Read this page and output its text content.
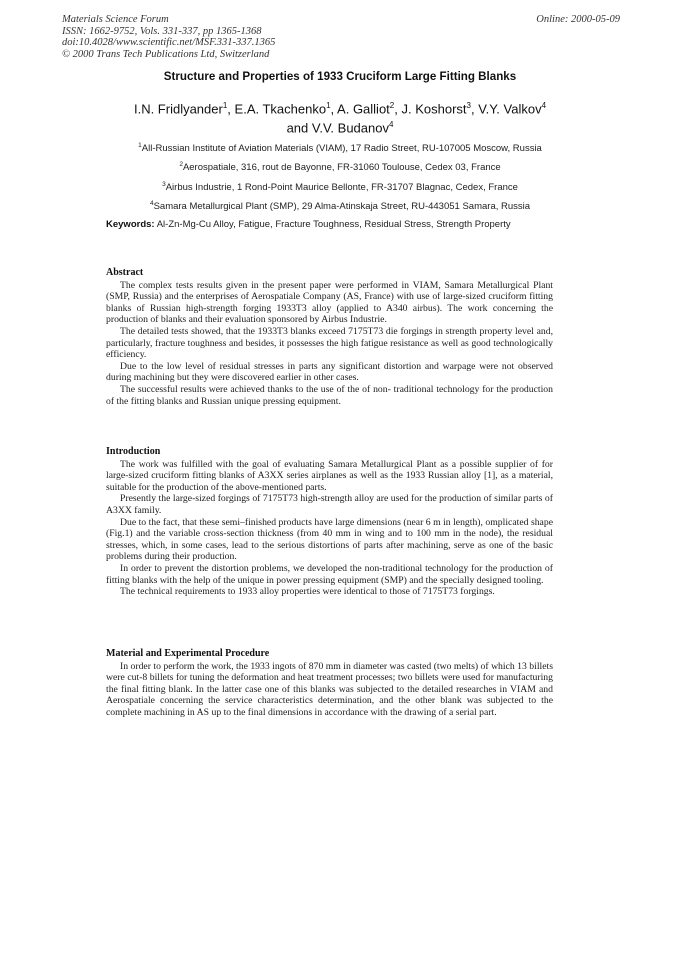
Materials Science Forum
ISSN: 1662-9752, Vols. 331-337, pp 1365-1368
doi:10.4028/www.scientific.net/MSF.331-337.1365
© 2000 Trans Tech Publications Ltd, Switzerland
Online: 2000-05-09
Structure and Properties of 1933 Cruciform Large Fitting Blanks
I.N. Fridlyander$^1$, E.A. Tkachenko$^1$, A. Galliot$^2$, J. Koshorst$^3$, V.Y. Valkov$^4$
and V.V. Budanov$^4$
$^1$All-Russian Institute of Aviation Materials (VIAM), 17 Radio Street, RU-107005 Moscow, Russia
$^2$Aerospatiale, 316, rout de Bayonne, FR-31060 Toulouse, Cedex 03, France
$^3$Airbus Industrie, 1 Rond-Point Maurice Bellonte, FR-31707 Blagnac, Cedex, France
$^4$Samara Metallurgical Plant (SMP), 29 Alma-Atinskaja Street, RU-443051 Samara, Russia
Keywords: Al-Zn-Mg-Cu Alloy, Fatigue, Fracture Toughness, Residual Stress, Strength Property
Abstract

The complex tests results given in the present paper were performed in VIAM, Samara Metallurgical Plant (SMP, Russia) and the enterprises of Aerospatiale Company (AS, France) with use of large-sized cruciform fitting blanks of Russian high-strength forging 1933T3 alloy (applied to A340 airbus). The work concerning the production of blanks and their evaluation sponsored by Airbus Industrie.

The detailed tests showed, that the 1933T3 blanks exceed 7175T73 die forgings in strength property level and, particularly, fracture toughness and besides, it possesses the high fatigue resistance as well as good technologically efficiency.

Due to the low level of residual stresses in parts any significant distortion and warpage were not observed during machining but they were discovered earlier in other cases.

The successful results were achieved thanks to the use of the of non- traditional technology for the production of the fitting blanks and Russian unique pressing equipment.

Introduction

The work was fulfilled with the goal of evaluating Samara Metallurgical Plant as a possible supplier of for large-sized cruciform fitting blanks of A3XX series airplanes as well as the 1933 Russian alloy [1], as a material, suitable for the production of the above-mentioned parts.

Presently the large-sized forgings of 7175T73 high-strength alloy are used for the production of similar parts of A3XX family.

Due to the fact, that these semi–finished products have large dimensions (near 6 m in length), omplicated shape (Fig.1) and the variable cross-section thickness (from 40 mm in wing and to 100 mm in the node), the residual stresses, which, in some cases, lead to the serious distortions of parts after machining, serve as one of the basic problems during their production.

In order to prevent the distortion problems, we developed the non-traditional technology for the production of fitting blanks with the help of the unique in power pressing equipment (SMP) and the specially designed tooling.

The technical requirements to 1933 alloy properties were identical to those of 7175T73 forgings.

Material and Experimental Procedure

In order to perform the work, the 1933 ingots of 870 mm in diameter was casted (two melts) of which 13 billets were cut-8 billets for tuning the deformation and heat treatment processes; two billets were used for manufacturing the final fitting blank. In the latter case one of this blanks was subjected to the detailed researches in VIAM and Aerospatiale concerning the service characteristics determination, and the other blank was subjected to the complete machining in AS up to the final dimensions in accordance with the drawing of a serial part.
